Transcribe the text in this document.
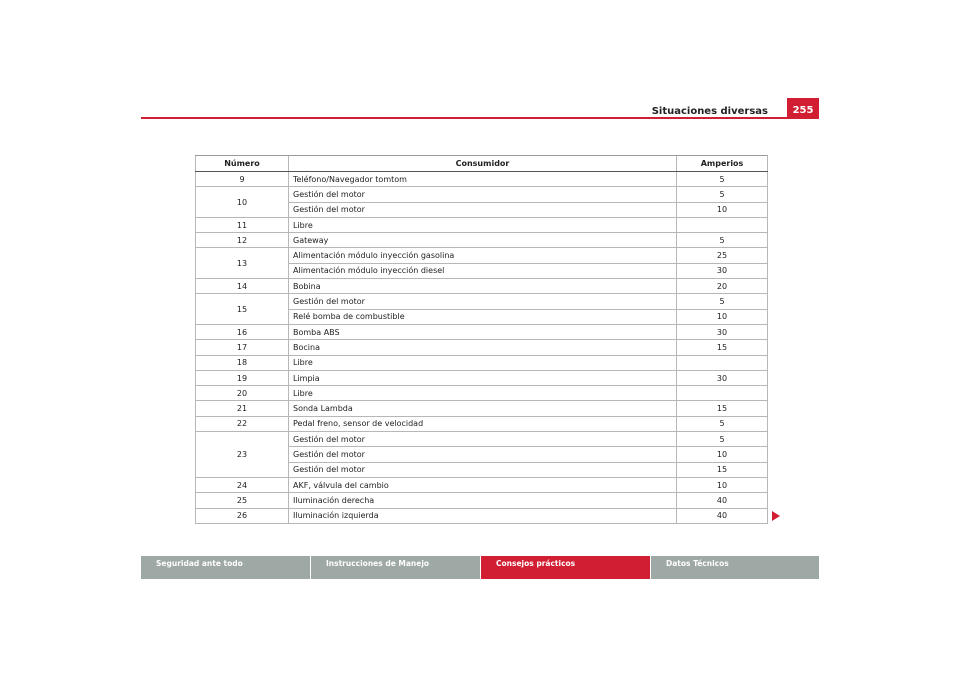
255
Situaciones diversas
Número	Consumidor	Amperios
9	Teléfono/Navegador tomtom	5
10	Gestión del motor	5
	Gestión del motor	10
11	Libre	
12	Gateway	5
13	Alimentación módulo inyección gasolina	25
	Alimentación módulo inyección diesel	30
14	Bobina	20
15	Gestión del motor	5
	Relé bomba de combustible	10
16	Bomba ABS	30
17	Bocina	15
18	Libre	
19	Limpia	30
20	Libre	
21	Sonda Lambda	15
22	Pedal freno, sensor de velocidad	5
23	Gestión del motor	5
	Gestión del motor	10
	Gestión del motor	15
24	AKF, válvula del cambio	10
25	Iluminación derecha	40
26	Iluminación izquierda	40
Seguridad ante todo	Instrucciones de Manejo	Consejos prácticos	Datos Técnicos
